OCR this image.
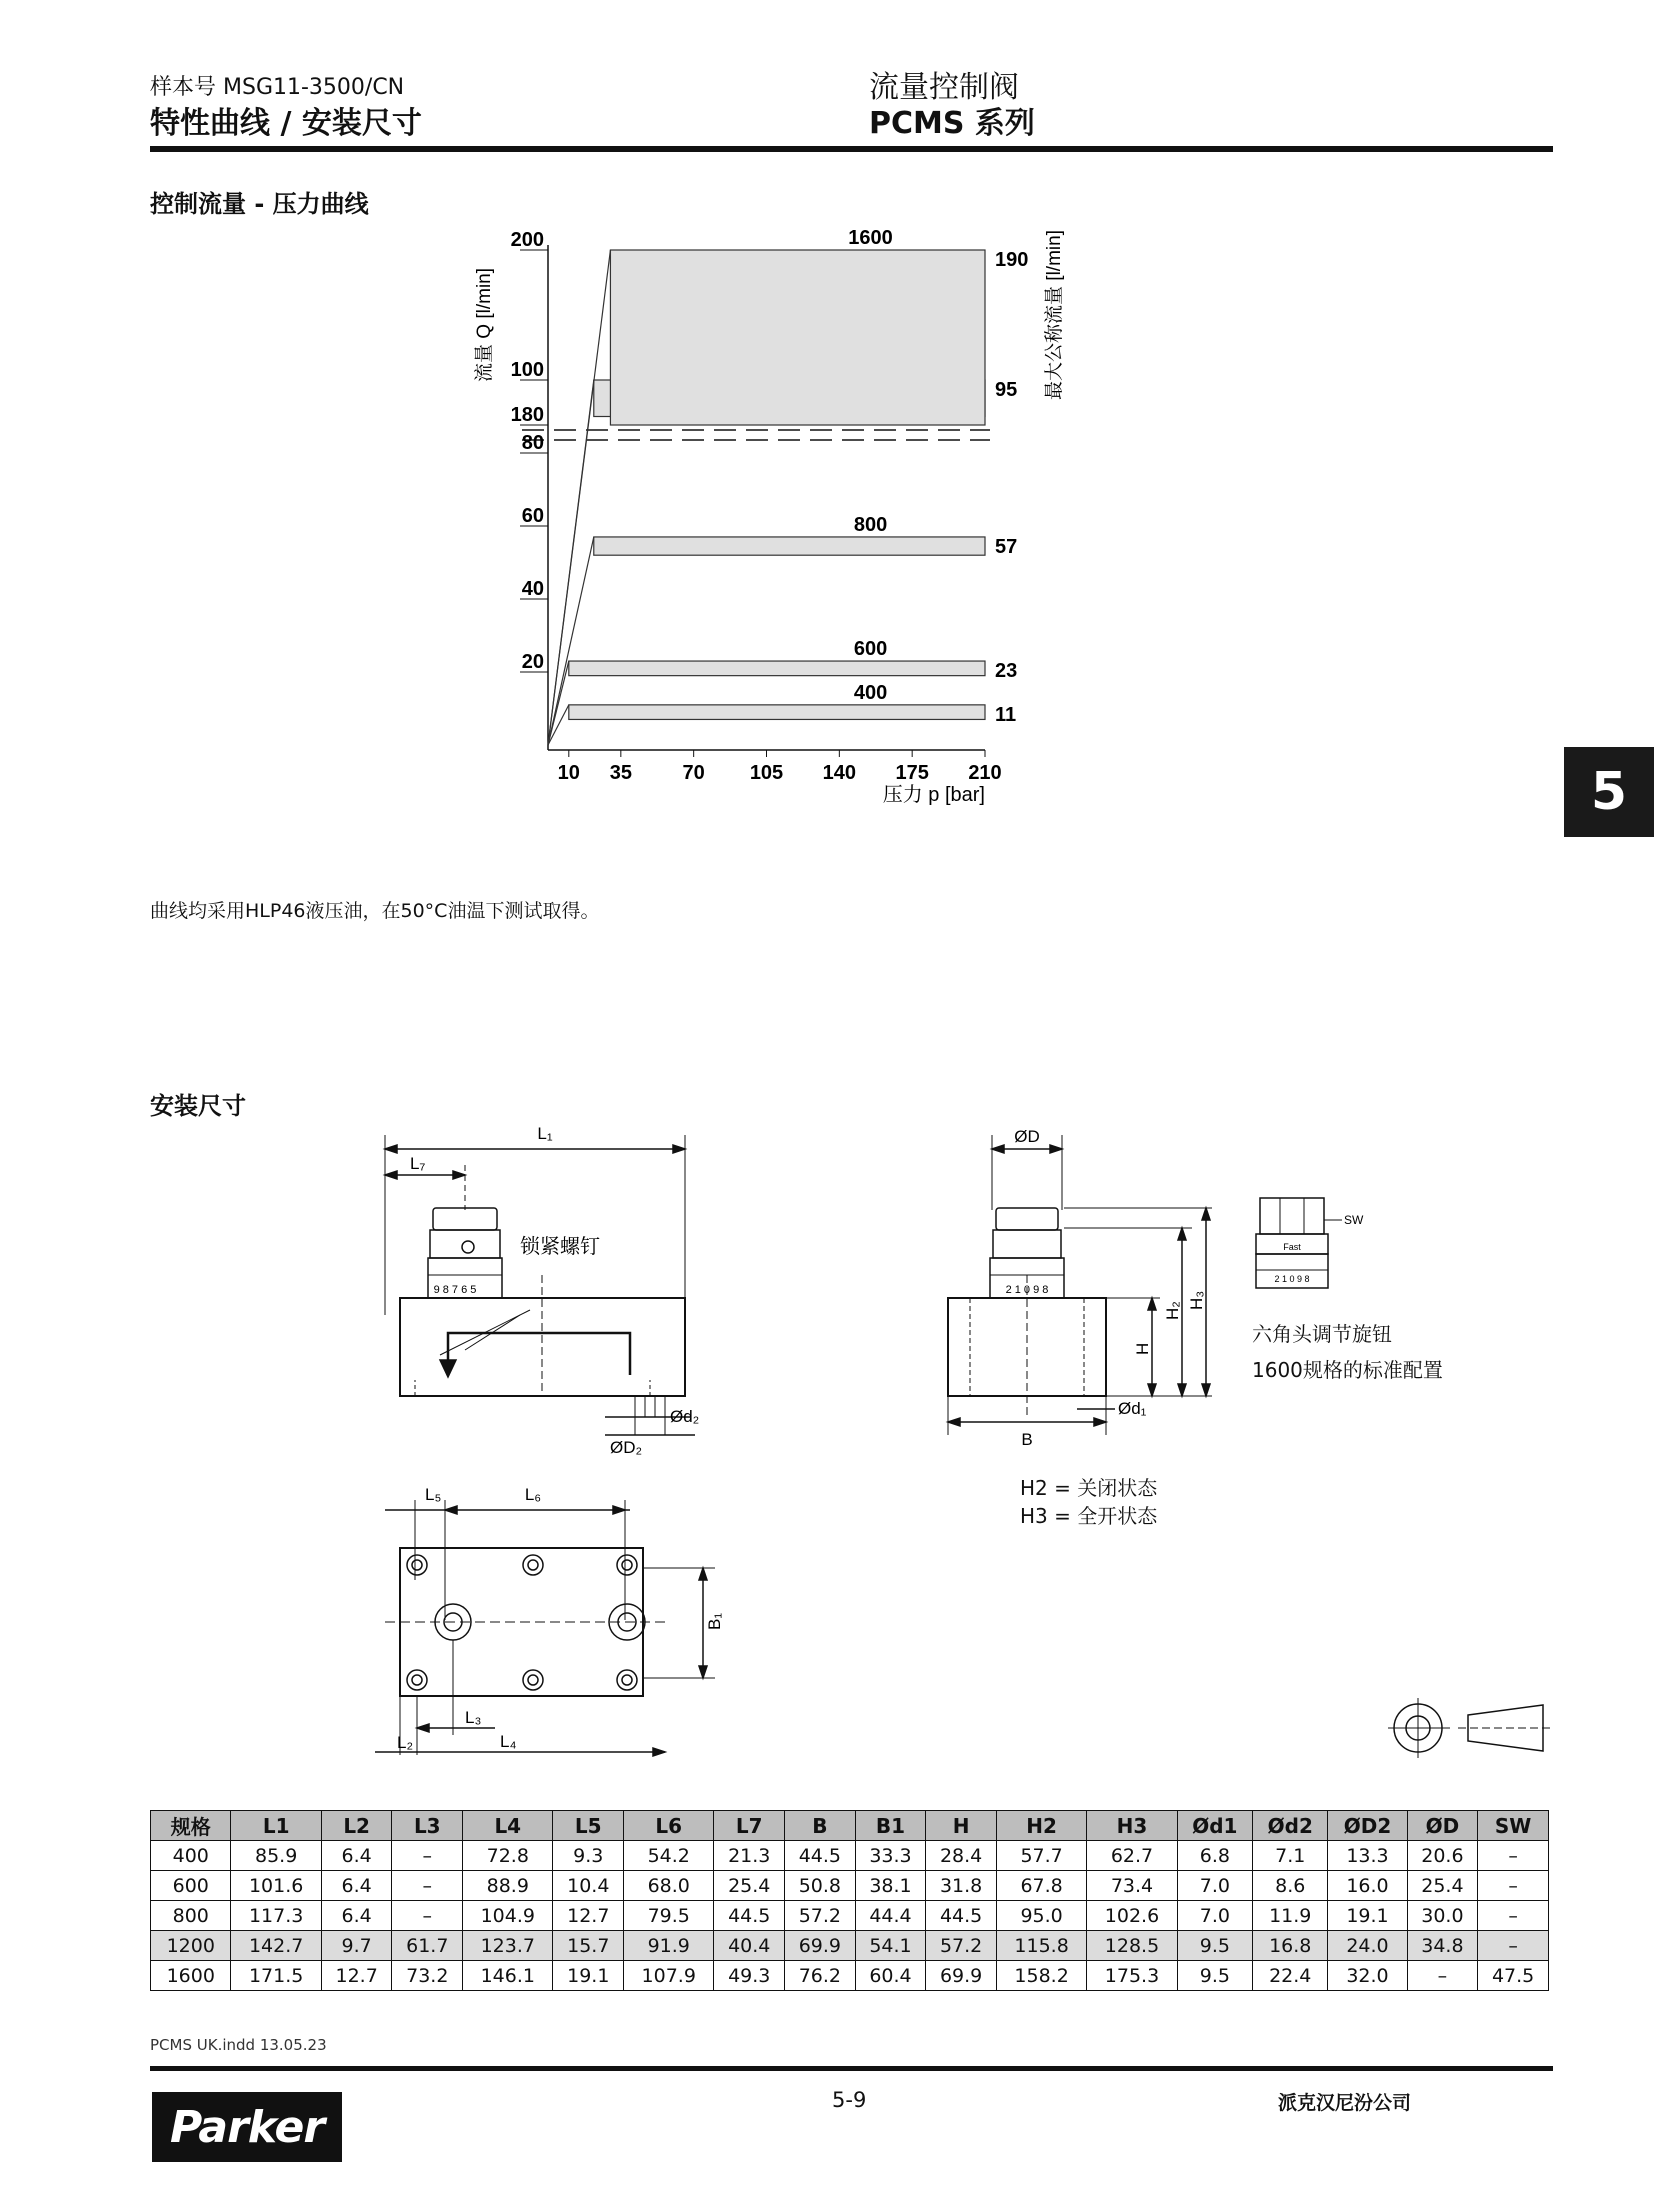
样本号 MSG11-3500/CN
特性曲线 / 安装尺寸
流量控制阀
PCMS 系列
5
控制流量 - 压力曲线
10 35	70 105 140 175 210
20
40
60
80
100
180
200
400
11
600
23
800
57
95
1600
190
流量 Q [l/min]	最大公称流量 [l/min]
压力 p [bar]
曲线均采用HLP46液压油，在50°C油温下测试取得。
安装尺寸
L₁
L₇
9 8 7 6 5
锁紧螺钉
Ød₂
ØD₂
ØD
2 1 0 9 8
H
H₂
H₃
B
Ød₁
SW
Fast
2 1 0 9 8
六角头调节旋钮
1600规格的标准配置
H2 = 关闭状态
H3 = 全开状态
L₅	L₆
B₁
L₃
L₂	L₄
规格	L1	L2	L3	L4	L5	L6	L7	B	B1	H	H2	H3	Ød1	Ød2	ØD2	ØD	SW
400	85.9	6.4	–	72.8	9.3	54.2	21.3	44.5	33.3	28.4	57.7	62.7	6.8	7.1	13.3	20.6	–
600	101.6	6.4	–	88.9	10.4	68.0	25.4	50.8	38.1	31.8	67.8	73.4	7.0	8.6	16.0	25.4	–
800	117.3	6.4	–	104.9	12.7	79.5	44.5	57.2	44.4	44.5	95.0	102.6	7.0	11.9	19.1	30.0	–
1200	142.7	9.7	61.7	123.7	15.7	91.9	40.4	69.9	54.1	57.2	115.8	128.5	9.5	16.8	24.0	34.8	–
1600	171.5	12.7	73.2	146.1	19.1	107.9	49.3	76.2	60.4	69.9	158.2	175.3	9.5	22.4	32.0	–	47.5
PCMS UK.indd 13.05.23
5-9	派克汉尼汾公司
Parker
